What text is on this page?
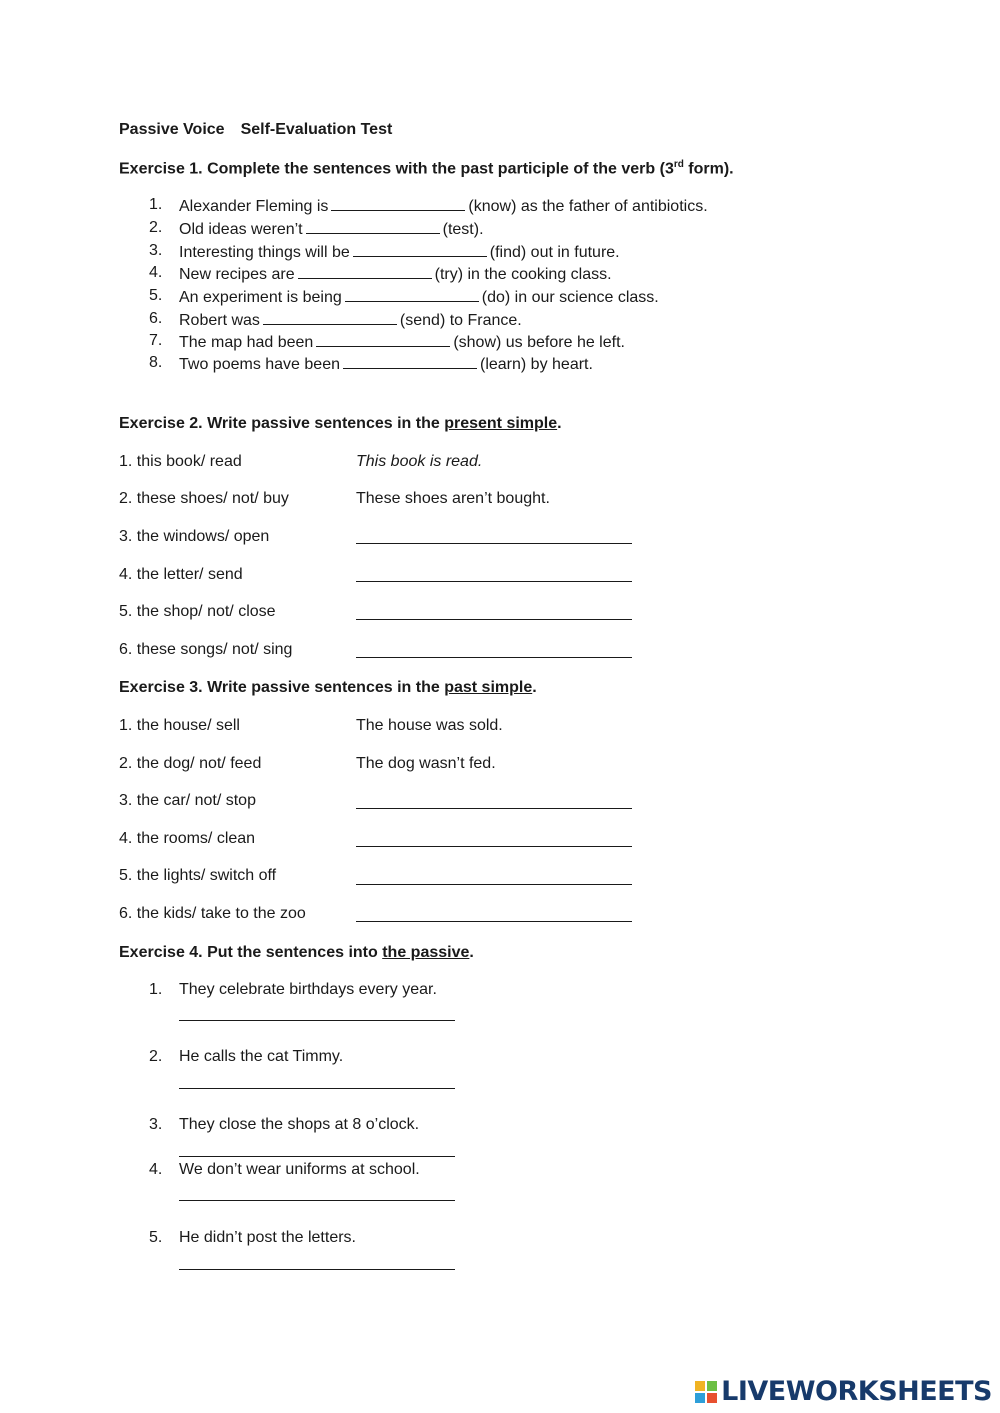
Passive Voice Self-Evaluation Test
Exercise 1. Complete the sentences with the past participle of the verb (3rd form).
1. Alexander Fleming is	(know) as the father of antibiotics.
2. Old ideas weren’t	(test).
3. Interesting things will be	(find) out in future.
4. New recipes are	(try) in the cooking class.
5. An experiment is being	(do) in our science class.
6. Robert was	(send) to France.
7. The map had been	(show) us before he left.
8. Two poems have been	(learn) by heart.
Exercise 2. Write passive sentences in the present simple.
1. this book/ read	This book is read.
2. these shoes/ not/ buy	These shoes aren’t bought.
3. the windows/ open
4. the letter/ send
5. the shop/ not/ close
6. these songs/ not/ sing
Exercise 3. Write passive sentences in the past simple.
1. the house/ sell	The house was sold.
2. the dog/ not/ feed	The dog wasn’t fed.
3. the car/ not/ stop
4. the rooms/ clean
5. the lights/ switch off
6. the kids/ take to the zoo
Exercise 4. Put the sentences into the passive.
1. They celebrate birthdays every year.
2. He calls the cat Timmy.
3. They close the shops at 8 o’clock.
4. We don’t wear uniforms at school.
5. He didn’t post the letters.
LIVEWORKSHEETS
